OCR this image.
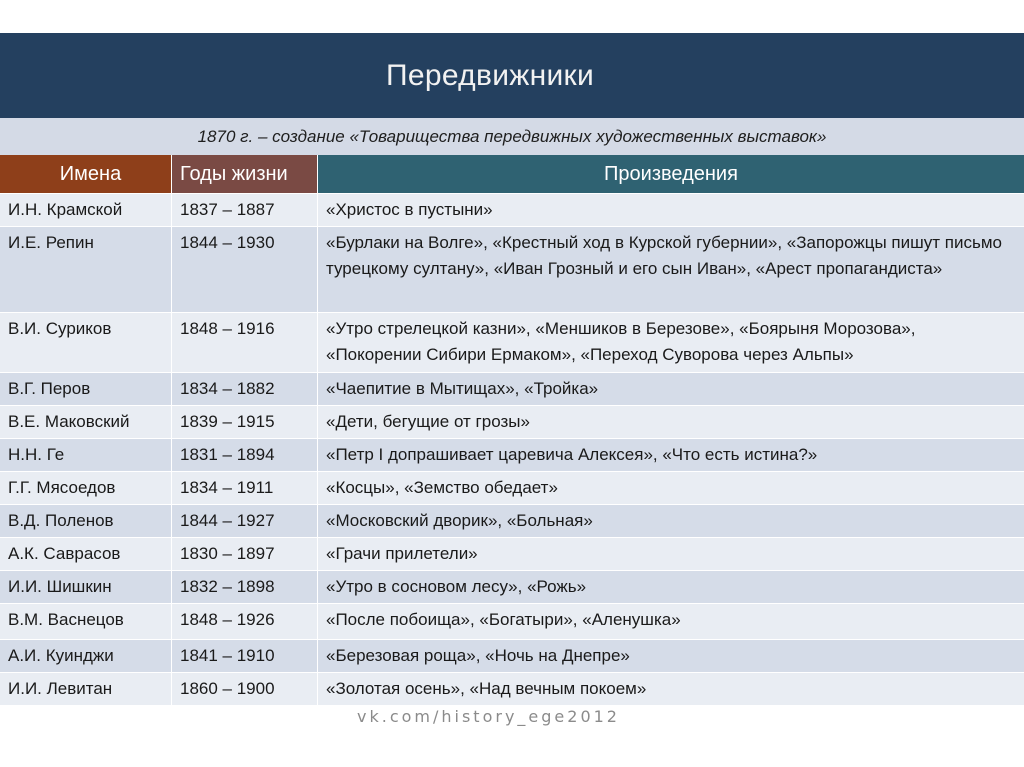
Передвижники
1870 г. – создание «Товарищества передвижных художественных выставок»
Имена	Годы жизни	Произведения
И.Н. Крамской	1837 – 1887	«Христос в пустыни»
И.Е. Репин	1844 – 1930	«Бурлаки на Волге», «Крестный ход в Курской губернии», «Запорожцы пишут письмо турецкому султану», «Иван Грозный и его сын Иван», «Арест пропагандиста»
В.И. Суриков	1848 – 1916	«Утро стрелецкой казни», «Меншиков в Березове», «Боярыня Морозова», «Покорении Сибири Ермаком», «Переход Суворова через Альпы»
В.Г. Перов	1834 – 1882	«Чаепитие в Мытищах», «Тройка»
В.Е. Маковский	1839 – 1915	«Дети, бегущие от грозы»
Н.Н. Ге	1831 – 1894	«Петр I допрашивает царевича Алексея», «Что есть истина?»
Г.Г. Мясоедов	1834 – 1911	«Косцы», «Земство обедает»
В.Д. Поленов	1844 – 1927	«Московский дворик», «Больная»
А.К. Саврасов	1830 – 1897	«Грачи прилетели»
И.И. Шишкин	1832 – 1898	«Утро в сосновом лесу», «Рожь»
В.М. Васнецов	1848 – 1926	«После побоища», «Богатыри», «Аленушка»
А.И. Куинджи	1841 – 1910	«Березовая роща», «Ночь на Днепре»
И.И. Левитан	1860 – 1900	«Золотая осень», «Над вечным покоем»
vk.com/history_ege2012
